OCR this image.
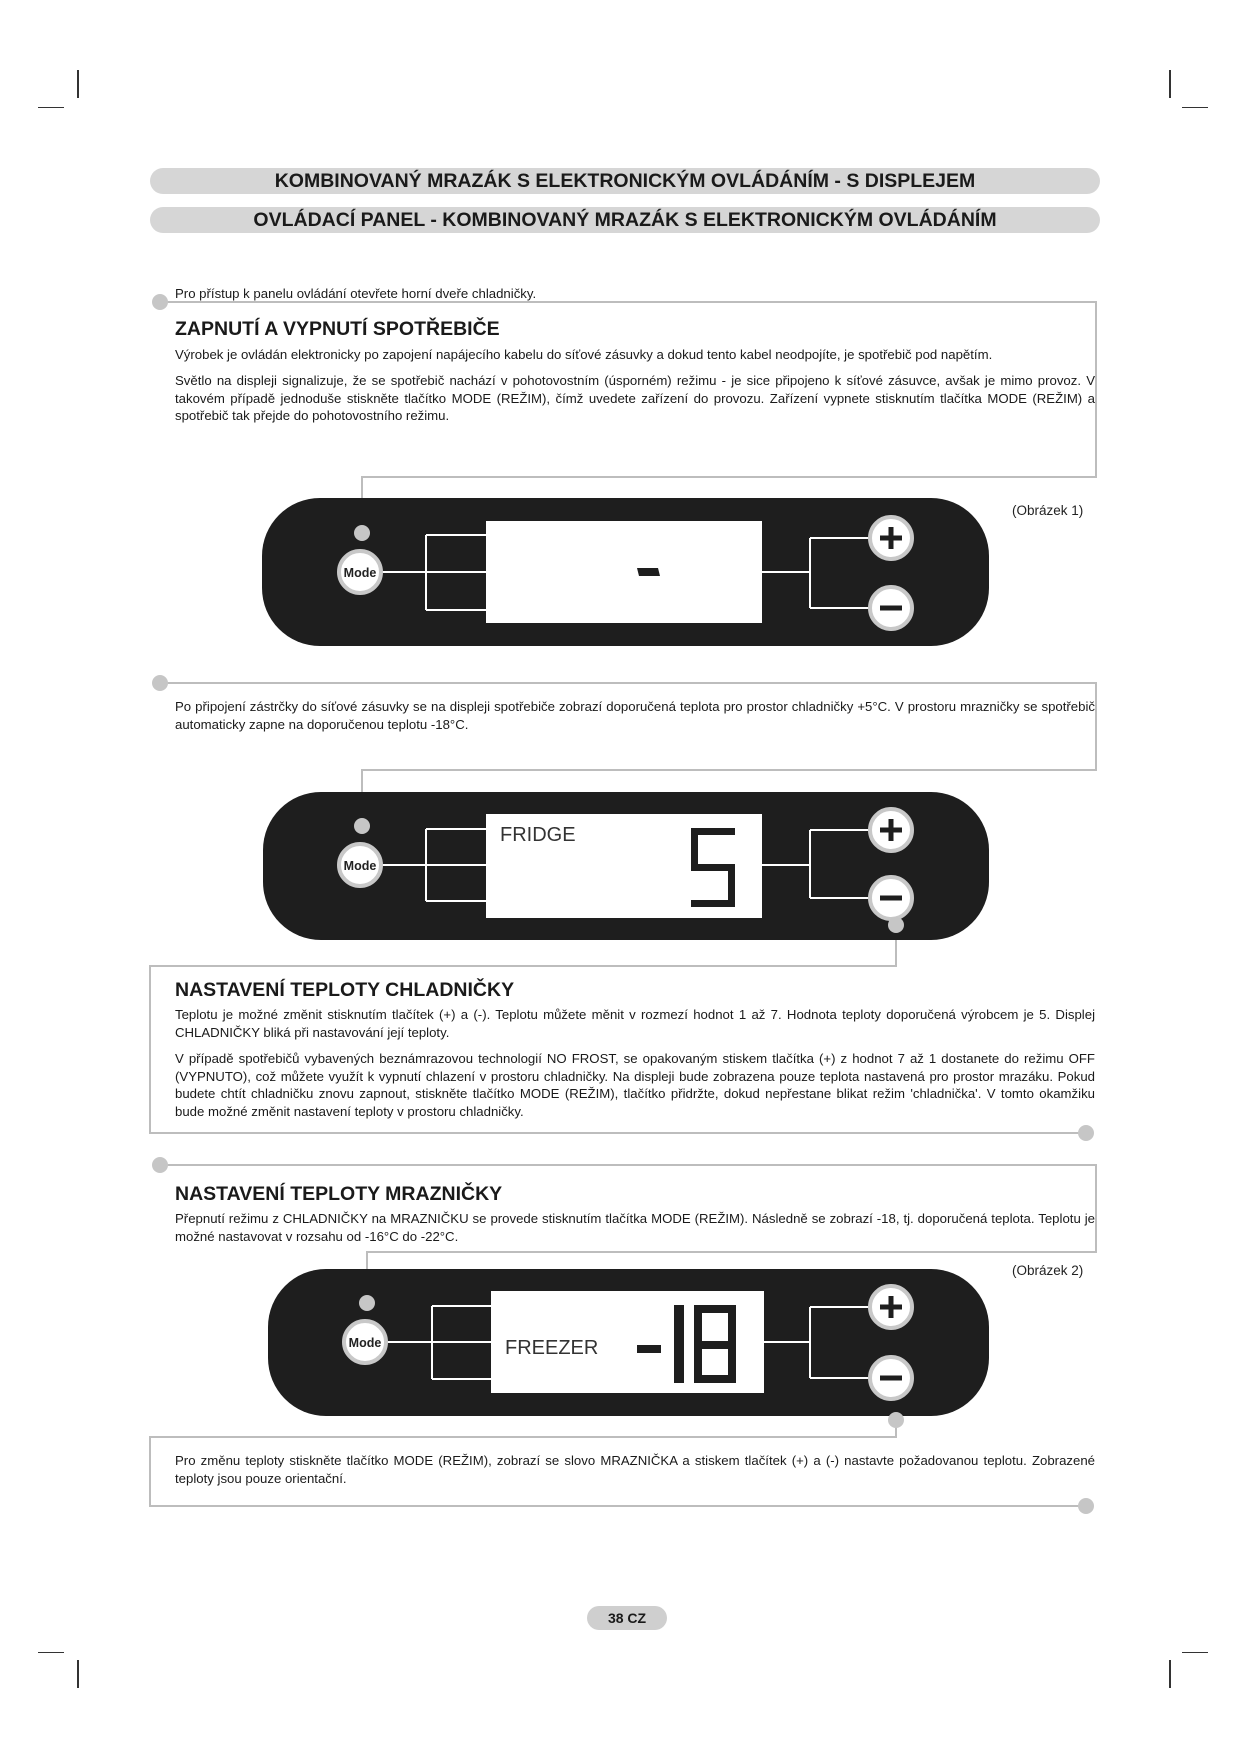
KOMBINOVANÝ MRAZÁK S ELEKTRONICKÝM OVLÁDÁNÍM - S DISPLEJEM
OVLÁDACÍ PANEL - KOMBINOVANÝ MRAZÁK S ELEKTRONICKÝM OVLÁDÁNÍM

Pro přístup k panelu ovládání otevřete horní dveře chladničky.

ZAPNUTÍ A VYPNUTÍ SPOTŘEBIČE

Výrobek je ovládán elektronicky po zapojení napájecího kabelu do síťové zásuvky a dokud tento kabel neodpojíte, je spotřebič pod napětím.

Světlo na displeji signalizuje, že se spotřebič nachází v pohotovostním (úsporném) režimu - je sice připojeno k síťové zásuvce, avšak je mimo provoz. V takovém případě jednoduše stiskněte tlačítko MODE (REŽIM), čímž uvedete zařízení do provozu. Zařízení vypnete stisknutím tlačítka MODE (REŽIM) a spotřebič tak přejde do pohotovostního režimu.

(Obrázek 1)
Mode

Po připojení zástrčky do síťové zásuvky se na displeji spotřebiče zobrazí doporučená teplota pro prostor chladničky +5°C. V prostoru mrazničky se spotřebič automaticky zapne na doporučenou teplotu -18°C.

Mode
FRIDGE
NASTAVENÍ TEPLOTY CHLADNIČKY

Teplotu je možné změnit stisknutím tlačítek (+) a (-). Teplotu můžete měnit v rozmezí hodnot 1 až 7. Hodnota teploty doporučená výrobcem je 5. Displej CHLADNIČKY bliká při nastavování její teploty.

V případě spotřebičů vybavených beznámrazovou technologií NO FROST, se opakovaným stiskem tlačítka (+) z hodnot 7 až 1 dostanete do režimu OFF (VYPNUTO), což můžete využít k vypnutí chlazení v prostoru chladničky. Na displeji bude zobrazena pouze teplota nastavená pro prostor mrazáku. Pokud budete chtít chladničku znovu zapnout, stiskněte tlačítko MODE (REŽIM), tlačítko přidržte, dokud nepřestane blikat režim 'chladnička'. V tomto okamžiku bude možné změnit nastavení teploty v prostoru chladničky.

NASTAVENÍ TEPLOTY MRAZNIČKY

Přepnutí režimu z CHLADNIČKY na MRAZNIČKU se provede stisknutím tlačítka MODE (REŽIM). Následně se zobrazí -18, tj. doporučená teplota. Teplotu je možné nastavovat v rozsahu od -16°C do -22°C.

(Obrázek 2)
Mode	FREEZER

Pro změnu teploty stiskněte tlačítko MODE (REŽIM), zobrazí se slovo MRAZNIČKA a stiskem tlačítek (+) a (-) nastavte požadovanou teplotu. Zobrazené teploty jsou pouze orientační.

38 CZ
